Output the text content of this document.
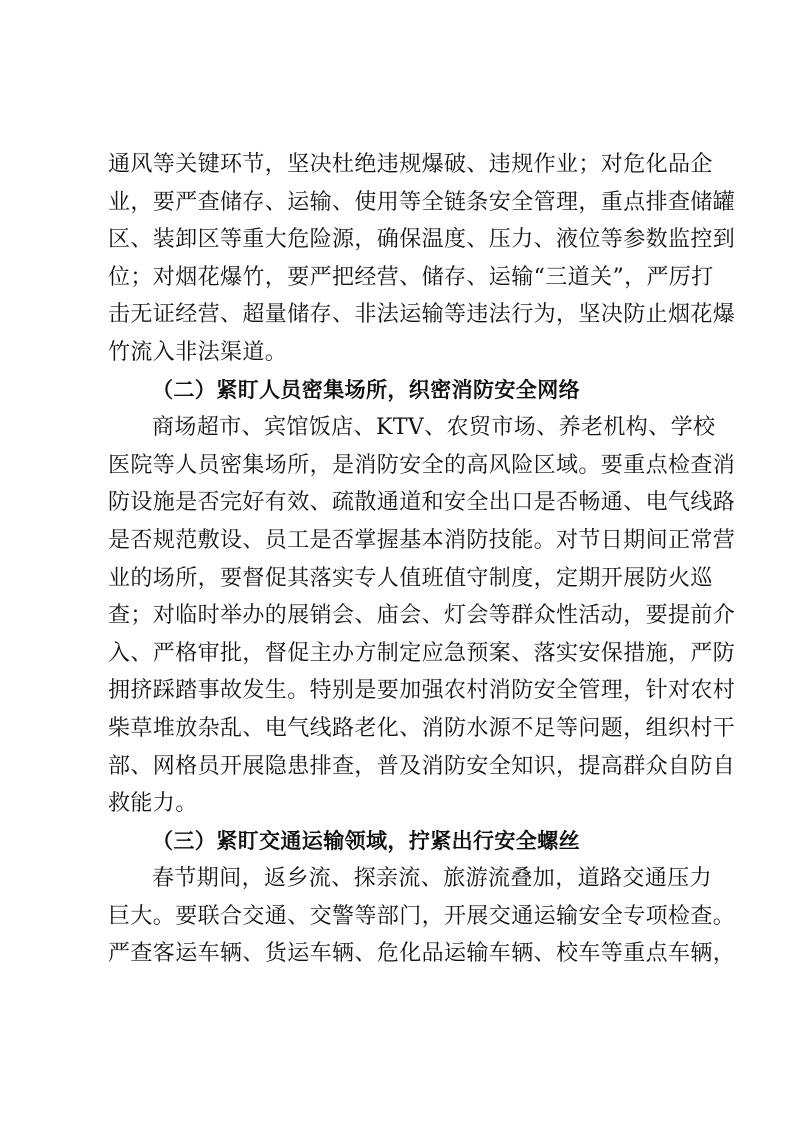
通风等关键环节，坚决杜绝违规爆破、违规作业；对危化品企
业，要严查储存、运输、使用等全链条安全管理，重点排查储罐
区、装卸区等重大危险源，确保温度、压力、液位等参数监控到
位；对烟花爆竹，要严把经营、储存、运输“三道关”，严厉打
击无证经营、超量储存、非法运输等违法行为，坚决防止烟花爆
竹流入非法渠道。
（二）紧盯人员密集场所，织密消防安全网络
商场超市、宾馆饭店、KTV、农贸市场、养老机构、学校
医院等人员密集场所，是消防安全的高风险区域。要重点检查消
防设施是否完好有效、疏散通道和安全出口是否畅通、电气线路
是否规范敷设、员工是否掌握基本消防技能。对节日期间正常营
业的场所，要督促其落实专人值班值守制度，定期开展防火巡
查；对临时举办的展销会、庙会、灯会等群众性活动，要提前介
入、严格审批，督促主办方制定应急预案、落实安保措施，严防
拥挤踩踏事故发生。特别是要加强农村消防安全管理，针对农村
柴草堆放杂乱、电气线路老化、消防水源不足等问题，组织村干
部、网格员开展隐患排查，普及消防安全知识，提高群众自防自
救能力。
（三）紧盯交通运输领域，拧紧出行安全螺丝
春节期间，返乡流、探亲流、旅游流叠加，道路交通压力
巨大。要联合交通、交警等部门，开展交通运输安全专项检查。
严查客运车辆、货运车辆、危化品运输车辆、校车等重点车辆，
